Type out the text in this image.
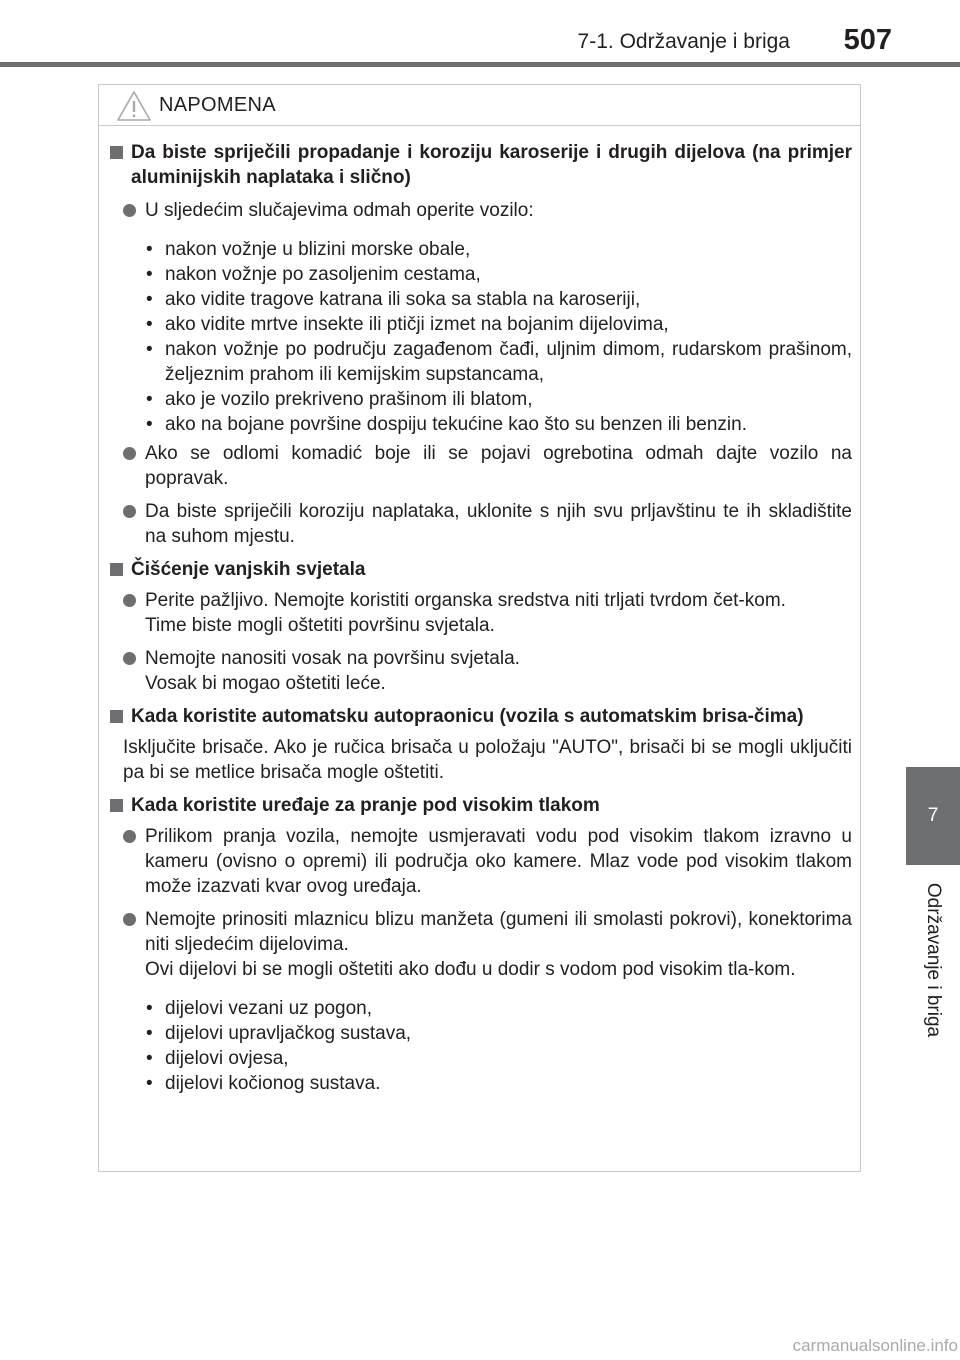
7-1. Održavanje i briga 507
7
Održavanje i briga
NAPOMENA

Da biste spriječili propadanje i koroziju karoserije i drugih dijelova (na primjer aluminijskih naplataka i slično)

U sljedećim slučajevima odmah operite vozilo:

• nakon vožnje u blizini morske obale,
• nakon vožnje po zasoljenim cestama,
• ako vidite tragove katrana ili soka sa stabla na karoseriji,
• ako vidite mrtve insekte ili ptičji izmet na bojanim dijelovima,
• nakon vožnje po području zagađenom čađi, uljnim dimom, rudarskom prašinom, željeznim prahom ili kemijskim supstancama,
• ako je vozilo prekriveno prašinom ili blatom,
• ako na bojane površine dospiju tekućine kao što su benzen ili benzin.

Ako se odlomi komadić boje ili se pojavi ogrebotina odmah dajte vozilo na popravak.

Da biste spriječili koroziju naplataka, uklonite s njih svu prljavštinu te ih skladištite na suhom mjestu.

Čišćenje vanjskih svjetala

Perite pažljivo. Nemojte koristiti organska sredstva niti trljati tvrdom čet-kom.
Time biste mogli oštetiti površinu svjetala.

Nemojte nanositi vosak na površinu svjetala.
Vosak bi mogao oštetiti leće.

Kada koristite automatsku autopraonicu (vozila s automatskim brisa-čima)

Isključite brisače. Ako je ručica brisača u položaju "AUTO", brisači bi se mogli uključiti pa bi se metlice brisača mogle oštetiti.

Kada koristite uređaje za pranje pod visokim tlakom

Prilikom pranja vozila, nemojte usmjeravati vodu pod visokim tlakom izravno u kameru (ovisno o opremi) ili područja oko kamere. Mlaz vode pod visokim tlakom može izazvati kvar ovog uređaja.

Nemojte prinositi mlaznicu blizu manžeta (gumeni ili smolasti pokrovi), konektorima niti sljedećim dijelovima.
Ovi dijelovi bi se mogli oštetiti ako dođu u dodir s vodom pod visokim tla-kom.

• dijelovi vezani uz pogon,
• dijelovi upravljačkog sustava,
• dijelovi ovjesa,
• dijelovi kočionog sustava.
carmanualsonline.info
